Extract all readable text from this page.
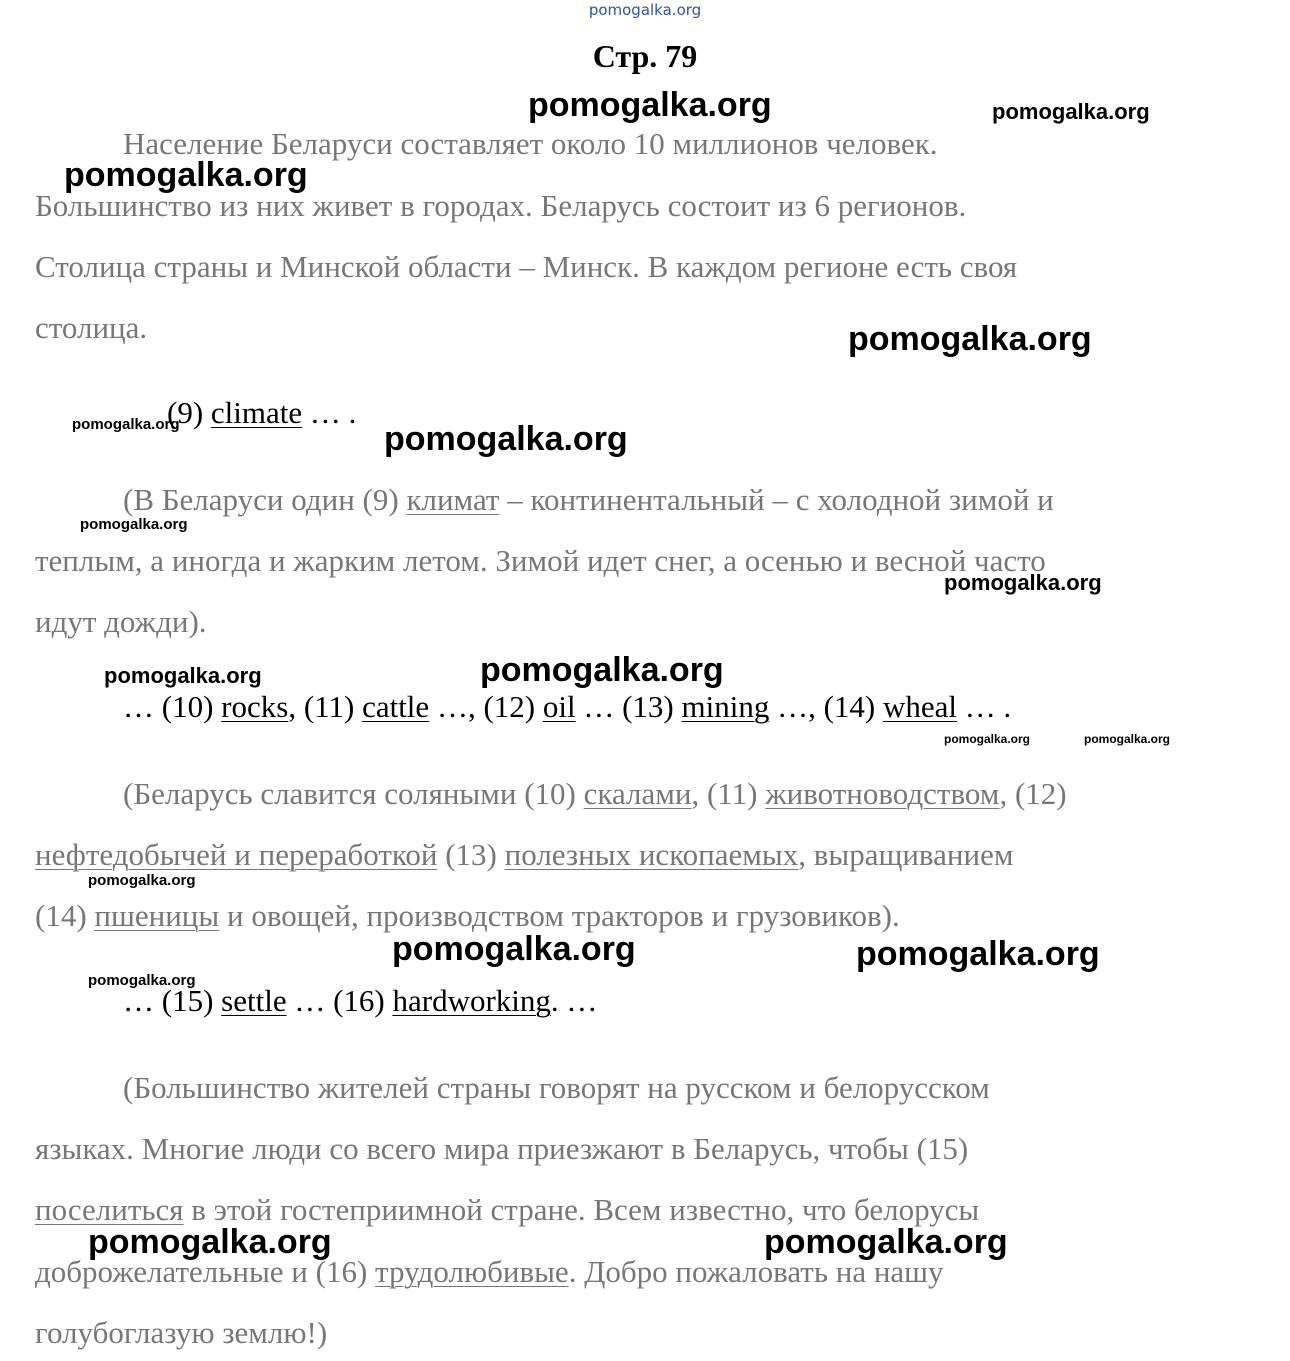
pomogalka.org
Стр. 79
Население Беларуси составляет около 10 миллионов человек.
Большинство из них живет в городах. Беларусь состоит из 6 регионов.
Столица страны и Минской области – Минск. В каждом регионе есть своя
столица.
(9) climate … .
(В Беларуси один (9) климат – континентальный – с холодной зимой и
теплым, а иногда и жарким летом. Зимой идет снег, а осенью и весной часто
идут дожди).
… (10) rocks, (11) cattle …, (12) oil … (13) mining …, (14) wheal … .
(Беларусь славится соляными (10) скалами, (11) животноводством, (12)
нефтедобычей и переработкой (13) полезных ископаемых, выращиванием
(14) пшеницы и овощей, производством тракторов и грузовиков).
… (15) settle … (16) hardworking. …
(Большинство жителей страны говорят на русском и белорусском
языках. Многие люди со всего мира приезжают в Беларусь, чтобы (15)
поселиться в этой гостеприимной стране. Всем известно, что белорусы
доброжелательные и (16) трудолюбивые. Добро пожаловать на нашу
голубоглазую землю!)
pomogalka.org	pomogalka.org
pomogalka.org
pomogalka.org
pomogalka.org	pomogalka.org
pomogalka.org
pomogalka.org
pomogalka.org	pomogalka.org
pomogalka.org	pomogalka.org
pomogalka.org
pomogalka.org	pomogalka.org
pomogalka.org
pomogalka.org	pomogalka.org
